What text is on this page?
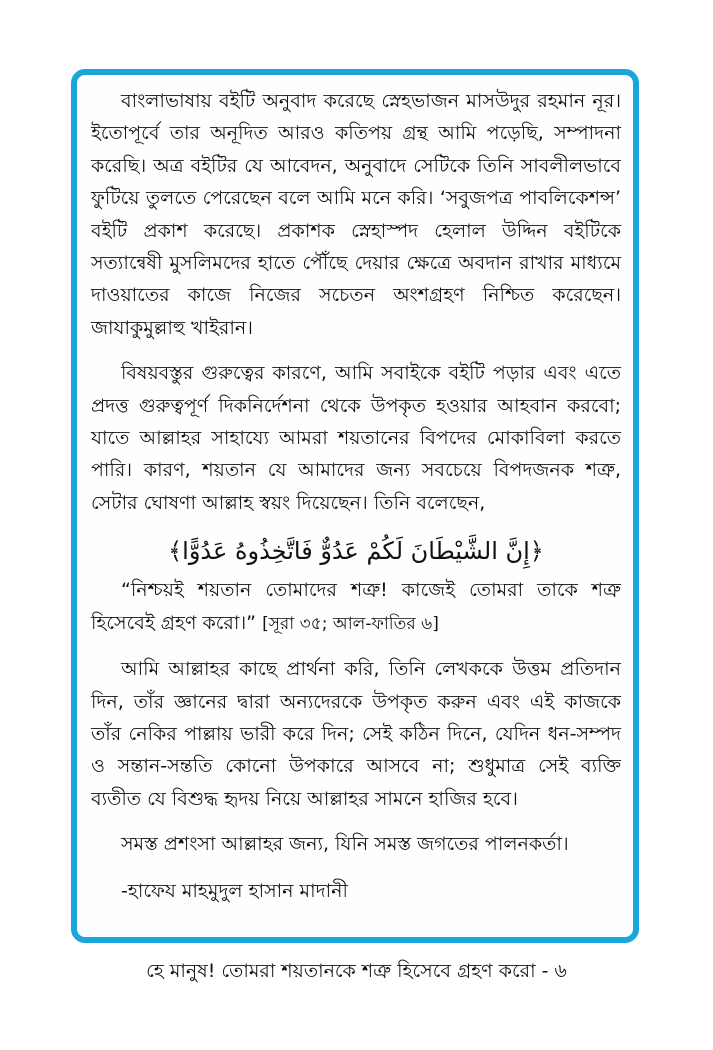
বাংলাভাষায় বইটি অনুবাদ করেছে স্নেহভাজন মাসউদুর রহমান নূর। ইতোপূর্বে তার অনূদিত আরও কতিপয় গ্রন্থ আমি পড়েছি, সম্পাদনা করেছি। অত্র বইটির যে আবেদন, অনুবাদে সেটিকে তিনি সাবলীলভাবে ফুটিয়ে তুলতে পেরেছেন বলে আমি মনে করি। ‘সবুজপত্র পাবলিকেশন্স’ বইটি প্রকাশ করেছে। প্রকাশক স্নেহাস্পদ হেলাল উদ্দিন বইটিকে সত্যান্বেষী মুসলিমদের হাতে পৌঁছে দেয়ার ক্ষেত্রে অবদান রাখার মাধ্যমে দাওয়াতের কাজে নিজের সচেতন অংশগ্রহণ নিশ্চিত করেছেন। জাযাকুমুল্লাহু খাইরান।

বিষয়বস্তুর গুরুত্বের কারণে, আমি সবাইকে বইটি পড়ার এবং এতে প্রদত্ত গুরুত্বপূর্ণ দিকনির্দেশনা থেকে উপকৃত হওয়ার আহবান করবো; যাতে আল্লাহর সাহায্যে আমরা শয়তানের বিপদের মোকাবিলা করতে পারি। কারণ, শয়তান যে আমাদের জন্য সবচেয়ে বিপদজনক শত্রু, সেটার ঘোষণা আল্লাহ স্বয়ং দিয়েছেন। তিনি বলেছেন,

﴿إِنَّ الشَّيْطَانَ لَكُمْ عَدُوٌّ فَاتَّخِذُوهُ عَدُوًّا﴾

“নিশ্চয়ই শয়তান তোমাদের শত্রু! কাজেই তোমরা তাকে শত্রু হিসেবেই গ্রহণ করো।” [সূরা ৩৫; আল-ফাতির ৬]

আমি আল্লাহর কাছে প্রার্থনা করি, তিনি লেখককে উত্তম প্রতিদান দিন, তাঁর জ্ঞানের দ্বারা অন্যদেরকে উপকৃত করুন এবং এই কাজকে তাঁর নেকির পাল্লায় ভারী করে দিন; সেই কঠিন দিনে, যেদিন ধন-সম্পদ ও সন্তান-সন্ততি কোনো উপকারে আসবে না; শুধুমাত্র সেই ব্যক্তি ব্যতীত যে বিশুদ্ধ হৃদয় নিয়ে আল্লাহর সামনে হাজির হবে।

সমস্ত প্রশংসা আল্লাহর জন্য, যিনি সমস্ত জগতের পালনকর্তা।

-হাফেয মাহমুদুল হাসান মাদানী

হে মানুষ! তোমরা শয়তানকে শত্রু হিসেবে গ্রহণ করো - ৬
